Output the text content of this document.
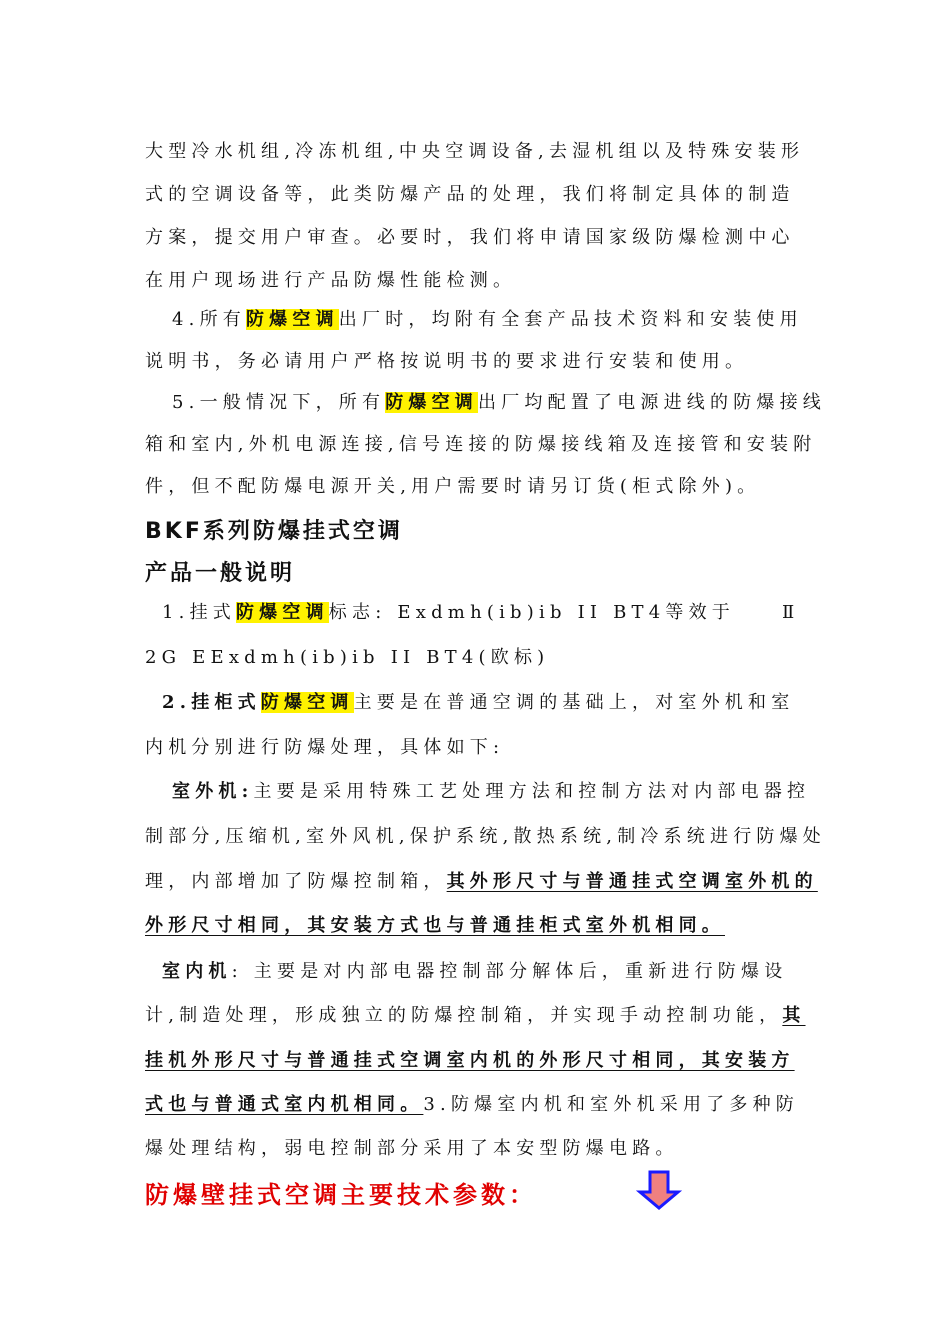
大型冷水机组,冷冻机组,中央空调设备,去湿机组以及特殊安装形
式的空调设备等，此类防爆产品的处理，我们将制定具体的制造
方案，提交用户审查。必要时，我们将申请国家级防爆检测中心
在用户现场进行产品防爆性能检测。
4.所有防爆空调出厂时，均附有全套产品技术资料和安装使用
说明书，务必请用户严格按说明书的要求进行安装和使用。
5.一般情况下，所有防爆空调出厂均配置了电源进线的防爆接线
箱和室内,外机电源连接,信号连接的防爆接线箱及连接管和安装附
件，但不配防爆电源开关,用户需要时请另订货(柜式除外)。
BKF系列防爆挂式空调
产品一般说明
1.挂式防爆空调标志: Exdmh(ib)ib II BT4等效于	Ⅱ
2G EExdmh(ib)ib II BT4(欧标)
2.挂柜式防爆空调主要是在普通空调的基础上，对室外机和室
内机分别进行防爆处理，具体如下:
室外机:主要是采用特殊工艺处理方法和控制方法对内部电器控
制部分,压缩机,室外风机,保护系统,散热系统,制冷系统进行防爆处
理，内部增加了防爆控制箱，其外形尺寸与普通挂式空调室外机的
外形尺寸相同，其安装方式也与普通挂柜式室外机相同。
室内机: 主要是对内部电器控制部分解体后，重新进行防爆设
计,制造处理，形成独立的防爆控制箱，并实现手动控制功能，其
挂机外形尺寸与普通挂式空调室内机的外形尺寸相同，其安装方
式也与普通式室内机相同。3.防爆室内机和室外机采用了多种防
爆处理结构，弱电控制部分采用了本安型防爆电路。
防爆壁挂式空调主要技术参数：
